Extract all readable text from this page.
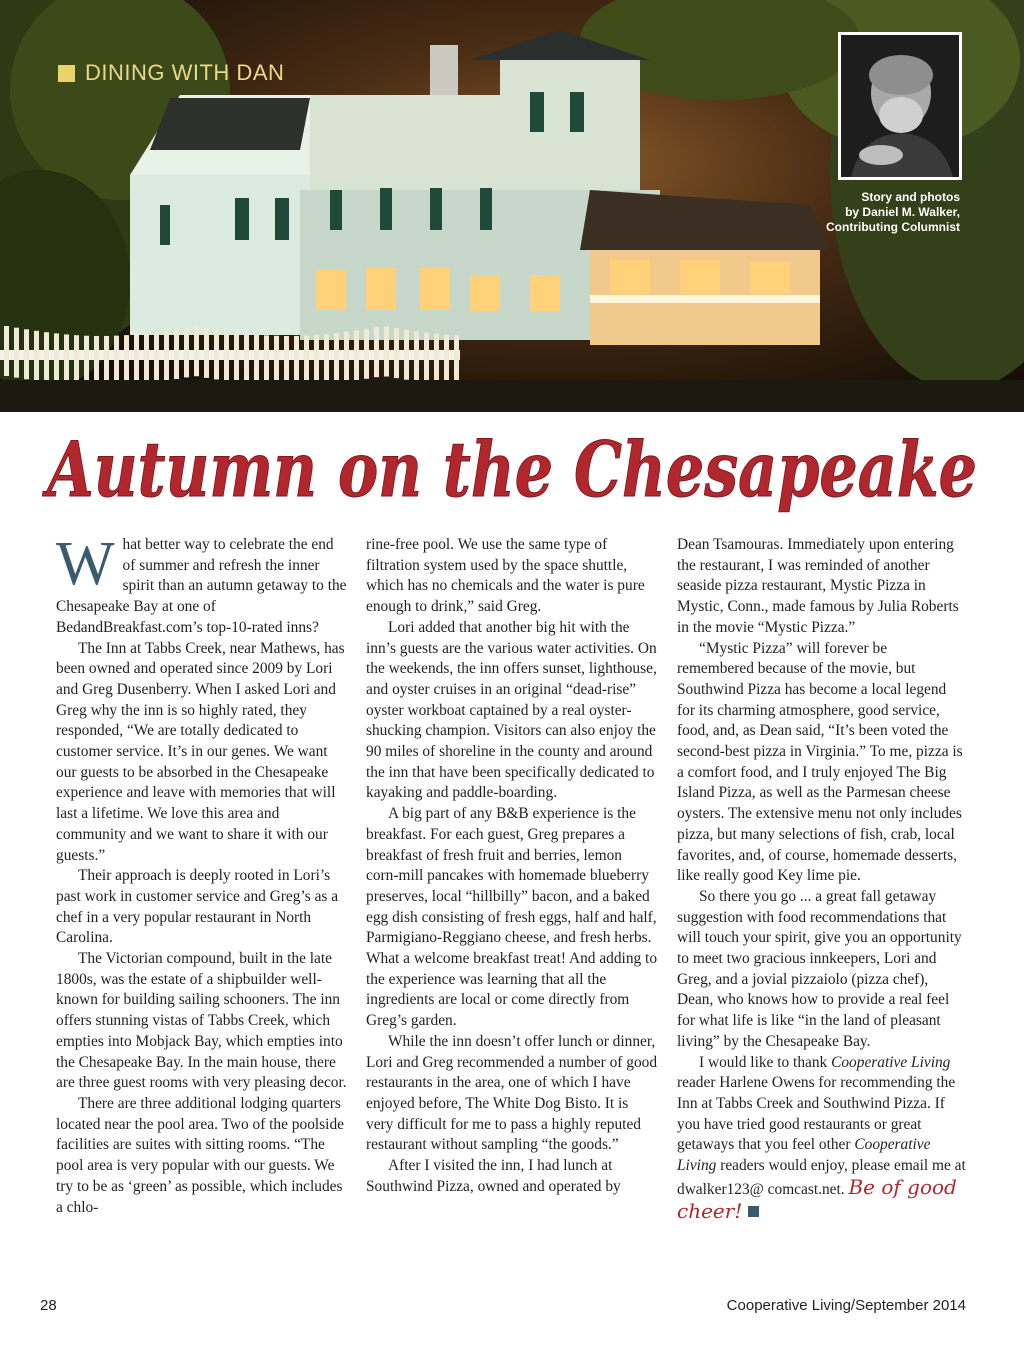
DINING WITH DAN
Story and photos
by Daniel M. Walker,
Contributing Columnist
Autumn on the Chesapeake

What better way to celebrate the end of summer and refresh the inner spirit than an autumn getaway to the Chesapeake Bay at one of BedandBreakfast.com’s top-10-rated inns?

The Inn at Tabbs Creek, near Mathews, has been owned and operated since 2009 by Lori and Greg Dusenberry. When I asked Lori and Greg why the inn is so highly rated, they responded, “We are totally dedicated to customer service. It’s in our genes. We want our guests to be absorbed in the Chesapeake experience and leave with memories that will last a lifetime. We love this area and community and we want to share it with our guests.”

Their approach is deeply rooted in Lori’s past work in customer service and Greg’s as a chef in a very popular restaurant in North Carolina.

The Victorian compound, built in the late 1800s, was the estate of a shipbuilder well-known for building sailing schooners. The inn offers stunning vistas of Tabbs Creek, which empties into Mobjack Bay, which empties into the Chesapeake Bay. In the main house, there are three guest rooms with very pleasing decor.

There are three additional lodging quarters located near the pool area. Two of the poolside facilities are suites with sitting rooms. “The pool area is very popular with our guests. We try to be as ‘green’ as possible, which includes a chlo-

rine-free pool. We use the same type of filtration system used by the space shuttle, which has no chemicals and the water is pure enough to drink,” said Greg.

Lori added that another big hit with the inn’s guests are the various water activities. On the weekends, the inn offers sunset, lighthouse, and oyster cruises in an original “dead-rise” oyster workboat captained by a real oyster-shucking champion. Visitors can also enjoy the 90 miles of shoreline in the county and around the inn that have been specifically dedicated to kayaking and paddle-boarding.

A big part of any B&B experience is the breakfast. For each guest, Greg prepares a breakfast of fresh fruit and berries, lemon corn-mill pancakes with homemade blueberry preserves, local “hillbilly” bacon, and a baked egg dish consisting of fresh eggs, half and half, Parmigiano-Reggiano cheese, and fresh herbs. What a welcome breakfast treat! And adding to the experience was learning that all the ingredients are local or come directly from Greg’s garden.

While the inn doesn’t offer lunch or dinner, Lori and Greg recommended a number of good restaurants in the area, one of which I have enjoyed before, The White Dog Bisto. It is very difficult for me to pass a highly reputed restaurant without sampling “the goods.”

After I visited the inn, I had lunch at Southwind Pizza, owned and operated by

Dean Tsamouras. Immediately upon entering the restaurant, I was reminded of another seaside pizza restaurant, Mystic Pizza in Mystic, Conn., made famous by Julia Roberts in the movie “Mystic Pizza.”

“Mystic Pizza” will forever be remembered because of the movie, but Southwind Pizza has become a local legend for its charming atmosphere, good service, food, and, as Dean said, “It’s been voted the second-best pizza in Virginia.” To me, pizza is a comfort food, and I truly enjoyed The Big Island Pizza, as well as the Parmesan cheese oysters. The extensive menu not only includes pizza, but many selections of fish, crab, local favorites, and, of course, homemade desserts, like really good Key lime pie.

So there you go ... a great fall getaway suggestion with food recommendations that will touch your spirit, give you an opportunity to meet two gracious innkeepers, Lori and Greg, and a jovial pizzaiolo (pizza chef), Dean, who knows how to provide a real feel for what life is like “in the land of pleasant living” by the Chesapeake Bay.

I would like to thank Cooperative Living reader Harlene Owens for recommending the Inn at Tabbs Creek and Southwind Pizza. If you have tried good restaurants or great getaways that you feel other Cooperative Living readers would enjoy, please email me at dwalker123@ comcast.net. Be of good cheer!

28	Cooperative Living/September 2014
